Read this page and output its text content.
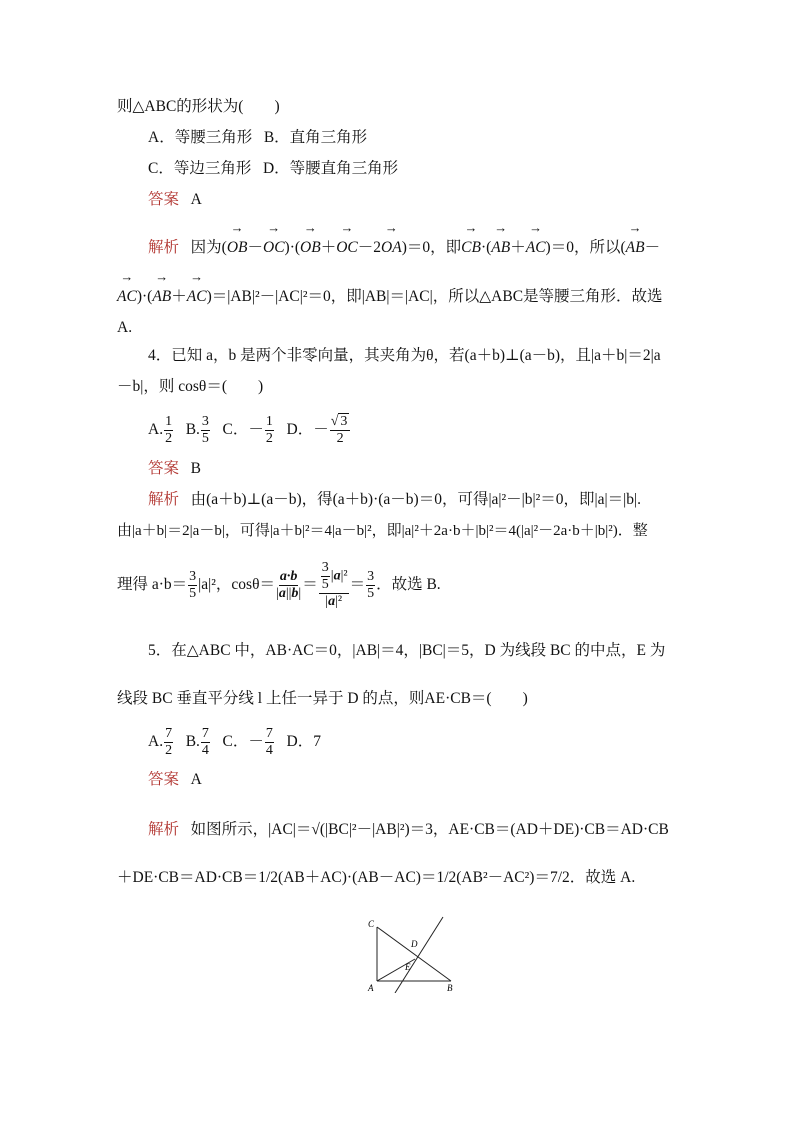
则△ABC的形状为(　　)
A．等腰三角形 B．直角三角形
C．等边三角形 D．等腰直角三角形
答案 A
解析 因为(→ OB－→ OC)·(→ OB＋→ OC－2→ OA)＝0，即→ CB·(→ AB＋→ AC)＝0，所以(→ AB－
→ AC)·(→ AB＋→ AC)＝|AB|²－|AC|²＝0，即|AB|＝|AC|，所以△ABC是等腰三角形．故选
A.
4．已知 a，b 是两个非零向量，其夹角为θ，若(a＋b)⊥(a－b)，且|a＋b|＝2|a
－b|，则 cosθ＝(　　)
A. $\frac{1}{2} B$. $\frac{3}{5}$ C．－ $\frac{1}{2}$ D．－ $\frac{√ 3}{2}$
答案 B
解析 由(a＋b)⊥(a－b)，得(a＋b)·(a－b)＝0，可得|a|²－|b|²＝0，即|a|＝|b|.
由|a＋b|＝2|a－b|，可得|a＋b|²＝4|a－b|²，即|a|²＋2a·b＋|b|²＝4(|a|²－2a·b＋|b|²)．整
理得 $a\cdot b= \frac{3}{5} |a|^2$，$\cos\theta= \frac{a\cdot b}{|a||b|} = \frac{\frac{3}{5} |a|^2}{\text{|a|²}} = \frac{3}{5}$ ．故选 B.
5．在△ABC 中，AB·AC＝0，|AB|＝4，|BC|＝5，D 为线段 BC 的中点，E 为
线段 BC 垂直平分线 l 上任一异于 D 的点，则AE·CB＝(　　)
A. $\frac{7}{2} B$. $\frac{7}{4}$ C．－ $\frac{7}{4}$ D．7
答案 A
解析 如图所示，|AC|＝√(|BC|²－|AB|²)＝3，AE·CB＝(AD＋DE)·CB＝AD·CB
＋DE·CB＝AD·CB＝1/2(AB＋AC)·(AB－AC)＝1/2(AB²－AC²)＝7/2．故选 A.
C
D
E
A	B
